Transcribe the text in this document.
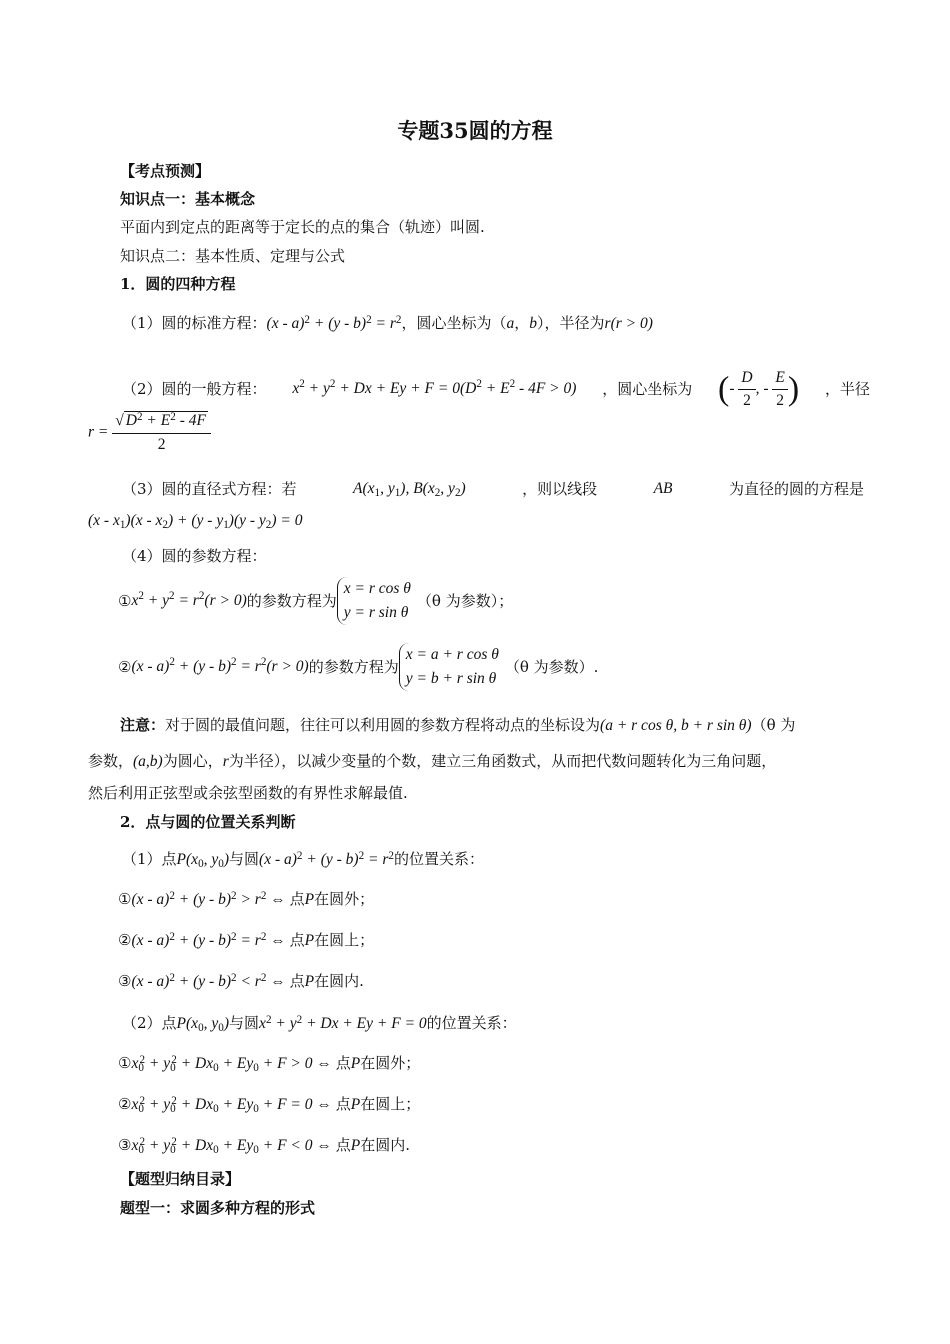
专题35圆的方程
【考点预测】
知识点一：基本概念
平面内到定点的距离等于定长的点的集合（轨迹）叫圆.
知识点二：基本性质、定理与公式
1．圆的四种方程
（1）圆的标准方程：$(x - a)^2 + (y - b)^2 = r^2$，圆心坐标为（a，b），半径为r(r > 0)
（2）圆的一般方程： $x^2 + y^2 + Dx + Ey + F = 0(D^2 + E^2 - 4F > 0)$ ，圆心坐标为 (- $\frac{D}{2}$ , - $\frac{E}{2}$ ) ，半径
$r = \frac{√ D^2 + E^2 - 4F}{2}$
（3）圆的直径式方程：若	$A(x_1$, $y_1$), $B(x_2$, $y_2$)	，则以线段	AB	为直径的圆的方程是
$(x - x_1)(x - x_2) + (y - y_1)(y - y_2) = 0$
（4）圆的参数方程：
① $x^2 + y^2 = r^2(r > 0)$ 的参数方程为
x = r cos θ
y = r sin θ
（θ 为参数）；
② $(x - a)^2 + (y - b)^2 = r^2(r > 0)$ 的参数方程为
x = a + r cos θ
y = b + r sin θ
（θ 为参数）.
注意：对于圆的最值问题，往往可以利用圆的参数方程将动点的坐标设为(a + r cos θ, b + r sin θ)（θ 为
参数，(a,b)为圆心，r为半径），以减少变量的个数，建立三角函数式，从而把代数问题转化为三角问题，
然后利用正弦型或余弦型函数的有界性求解最值.
2．点与圆的位置关系判断
（1）点$P(x_0$, $y_0$)与圆$(x - a)^2 + (y - b)^2 = r^2$的位置关系：
①(x - $a)^2 + (y - b)^2 > r^2$ ⇔ 点P在圆外；
②(x - $a)^2 + (y - b)^2 = r^2$ ⇔ 点P在圆上；
③(x - $a)^2 + (y - b)^2 < r^2$ ⇔ 点P在圆内.
（2）点$P(x_0$, $y_0$)与圆$x^2 + y^2 + Dx + Ey + F = 0$的位置关系：
$①x_0^2 + y_0^2 + Dx_0 + Ey_0 + F > 0$ ⇔ 点P在圆外；
$②x_0^2 + y_0^2 + Dx_0 + Ey_0 + F = 0$ ⇔ 点P在圆上；
$③x_0^2 + y_0^2 + Dx_0 + Ey_0 + F < 0$ ⇔ 点P在圆内.
【题型归纳目录】
题型一：求圆多种方程的形式
